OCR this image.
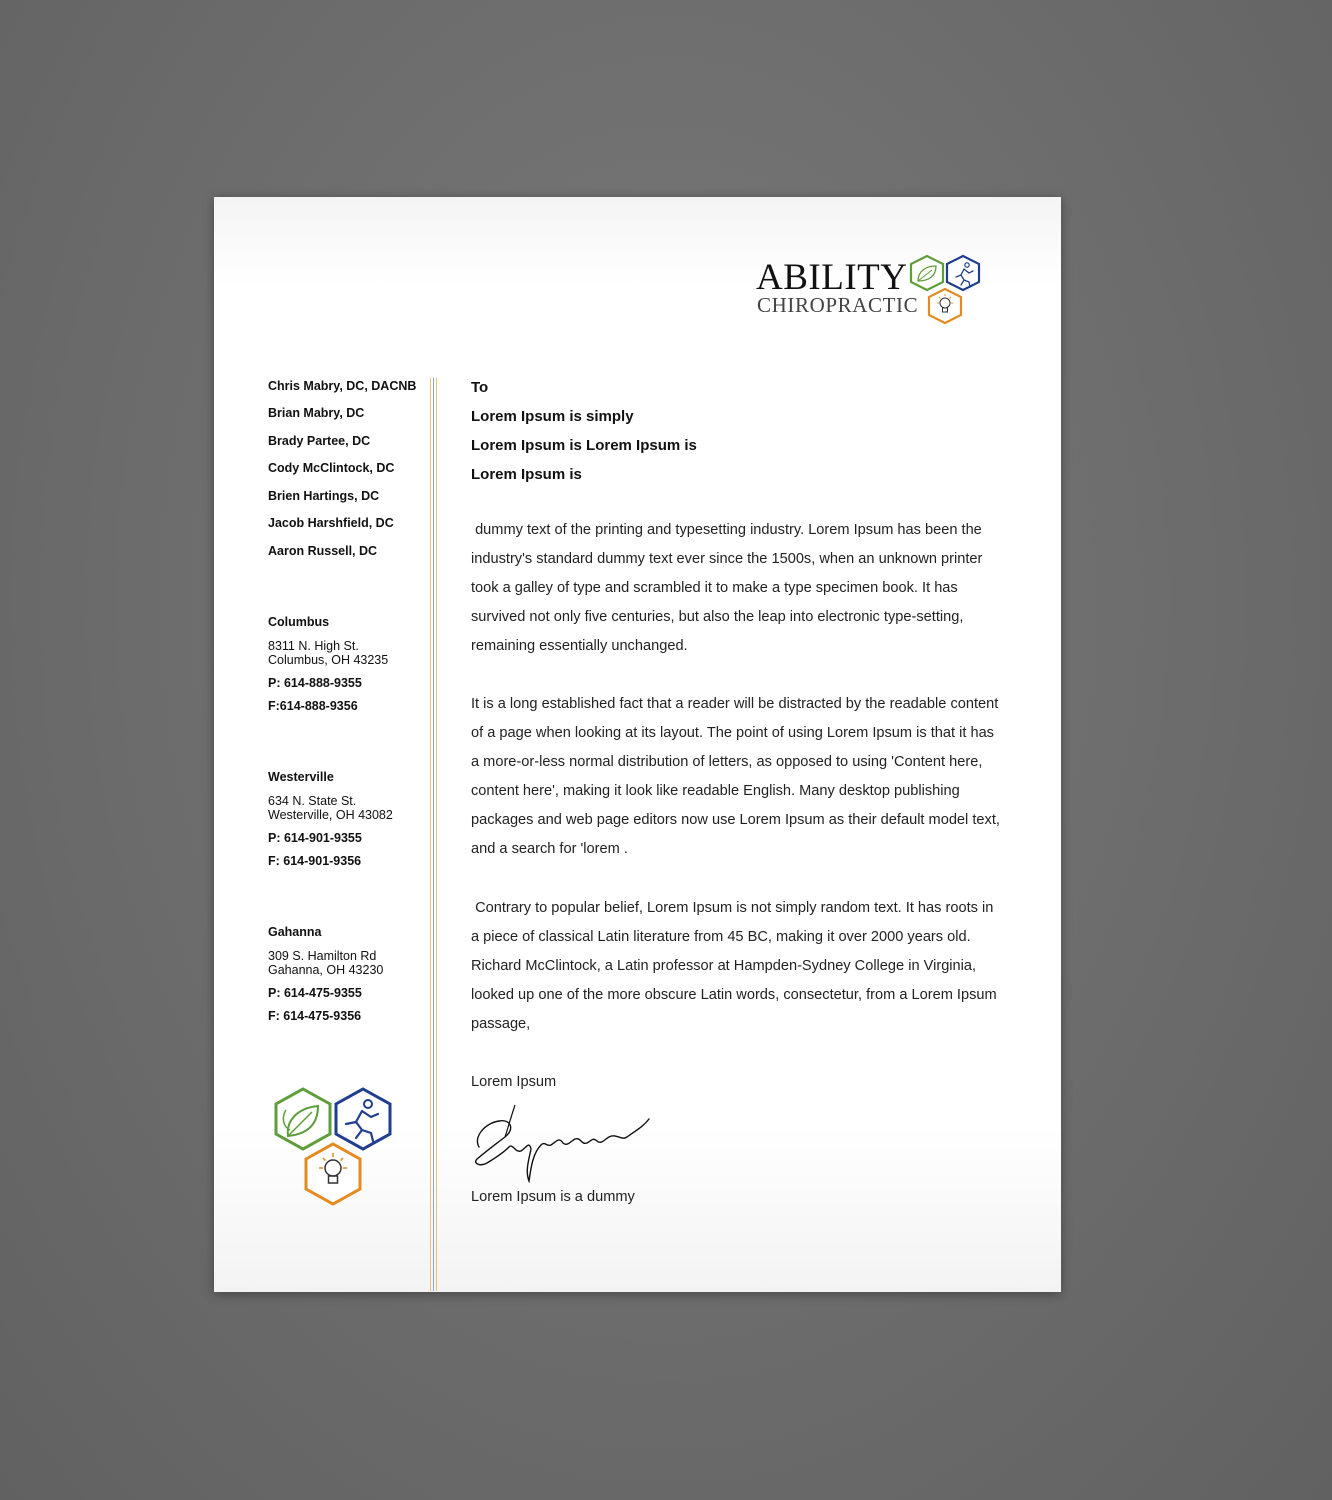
ABILITY
CHIROPRACTIC
Chris Mabry, DC, DACNB
Brian Mabry, DC
Brady Partee, DC
Cody McClintock, DC
Brien Hartings, DC
Jacob Harshfield, DC
Aaron Russell, DC
Columbus
8311 N. High St.
Columbus, OH 43235
P: 614-888-9355
F:614-888-9356
Westerville
634 N. State St.
Westerville, OH 43082
P: 614-901-9355
F: 614-901-9356
Gahanna
309 S. Hamilton Rd
Gahanna, OH 43230
P: 614-475-9355
F: 614-475-9356
To
Lorem Ipsum is simply
Lorem Ipsum is Lorem Ipsum is
Lorem Ipsum is
dummy text of the printing and typesetting industry. Lorem Ipsum has been the industry's standard dummy text ever since the 1500s, when an unknown printer took a galley of type and scrambled it to make a type specimen book. It has survived not only five centuries, but also the leap into electronic type-setting, remaining essentially unchanged.
It is a long established fact that a reader will be distracted by the readable content of a page when looking at its layout. The point of using Lorem Ipsum is that it has a more-or-less normal distribution of letters, as opposed to using 'Content here, content here', making it look like readable English. Many desktop publishing packages and web page editors now use Lorem Ipsum as their default model text, and a search for 'lorem .
Contrary to popular belief, Lorem Ipsum is not simply random text. It has roots in a piece of classical Latin literature from 45 BC, making it over 2000 years old. Richard McClintock, a Latin professor at Hampden-Sydney College in Virginia, looked up one of the more obscure Latin words, consectetur, from a Lorem Ipsum passage,
Lorem Ipsum
Lorem Ipsum is a dummy
